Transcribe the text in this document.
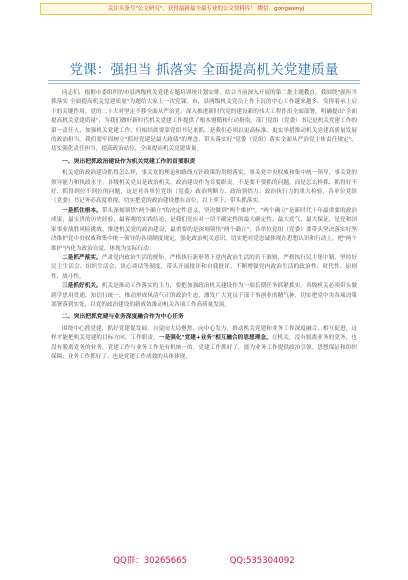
关注头条号"公文研究"，获得最新最全最专业的公文资料库！ 微信：gongwenyj
党课：强担当 抓落实 全面提高机关党建质量

同志们，根据市委组织的市县两级机关党建专题培训统计划安排，结合当前深入开展的第二批主题教育，我围绕"强担当 抓落实 全面提高机关党建质量"为题给大家上一次党课。市、县两级机关党员上作下沉的中心工作越来越多，发挥着承上启下的关键作用。党的二十大对坚定不移全面从严治党，深入推进新时代党的建设新的伟大工程作出全面部署，明确提出"全面提高机关党建质量"，为我们做好新时代机关党建工作提供了根本遵循和行动指南。部门党组（党委）书记是机关党建工作的第一责任人，加强机关党建工作，归根结底要靠党组书记来抓，是我们必须以更高标准、更实举措推动机关党建高质量发展的政治担当。我们要牢固树立"抓好党建是最大政绩"的理念，带头落实好"党委（党组）落实全面从严治党主体责任规定"，切实强化责任担当，提高政治站位，全面提高机关党建质量。

一、突出把抓政治建设作为机关党建工作的首要职责

机关党的政治建设抓得怎么样，事关党的理论和路线方针政策的贯彻落实，事关党中央权威和集中统一领导，事关党的领导能力和执政水平。各级机关党员是政治机关，政治建设作为首要职责，不是要不要抓的问题，而是怎么样抓、抓得好不好、抓得到位不到位的问题，这是对各单位党组（党委）政治判断力、政治领悟力、政治执行力的重大检验，各单位党组（党委）书记务必高度重视，切实把党的政治建设摆在首位，以上率下，带头抓落实。

一是抓住根本。带头深刻领悟"两个确立"的决定性意义，坚决做到"两个维护"。"两个确立"是新时代十年最重要的政治成果，最宝贵的历史经验，最客观的实践结论，是我们党应对一切不确定性的最大确定性、最大底气、最大保证，是党和国家事业战胜风险挑战、推进机关党的政治建设，最重要的是深刻领悟"两个确立"，各单位党组（党委）要带头坚决落实好坚决维护党中央权威和集中统一领导的各项制度规定，强化政治机关意识，切实把对党忠诚体现在思想认识和行动上，把"两个维护"内化为政治自觉、体现为实际行动。

二是抓严落实。严肃党内政治生活的规矩，严格执行新形势下党内政治生活的若干准则，严格执行民主集中制，坚持好民主生活会、组织生活会、谈心谈话等制度，带头开展批评和自我批评，不断增强党内政治生活的政治性、时代性、原则性、战斗性。

三是抓好机关。机关是推动工作落实的主力，要把加强政治机关建设作为一项长期任务抓紧抓实。各级机关必须带头做到学思用贯通、知信行统一，推动形成风清气正的政治生态，激发广大党员干部干事创业的精气神，切实把党中央各项决策部署落到实处，以党的政治建设的新成效推动机关各项工作高质量发展。

二、突出把抓党建与业务深度融合作为中心任务

围绕中心抓党建，抓好党建促发展，自觉向大局聚焦，向中心发力，推动机关党建和业务工作深度融合，相互促进，这样才能把机关党建的目标方向、工作职责，一是强化"党建+业务"相互融合的思想理念。在机关，没有脱离业务的党务，也没有脱离党务的业务，党建工作与业务工作是有机统一的。党建工作抓好了，能为业务工作提供政治引领、思想保证和组织保障；业务工作抓好了，也是党建工作成效的具体体现。

QQ群：30265665	QQ:535304092
